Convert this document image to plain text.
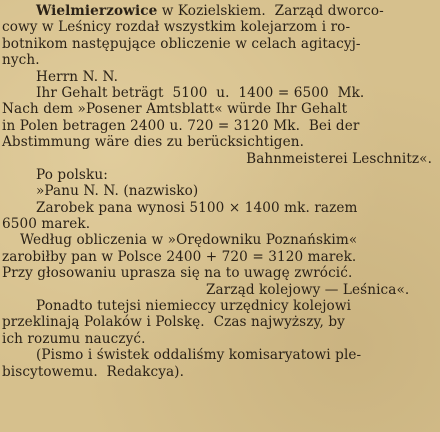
Wielmierzowice w Kozielskiem.  Zarząd dworco-
cowy w Leśnicy rozdał wszystkim kolejarzom i ro-
botnikom następujące obliczenie w celach agitacyj-
nych.
Herrn N. N.
Ihr Gehalt beträgt  5100  u.  1400 = 6500  Mk.
Nach dem »Posener Amtsblatt« würde Ihr Gehalt
in Polen betragen 2400 u. 720 = 3120 Mk.  Bei der
Abstimmung wäre dies zu berücksichtigen.
Bahnmeisterei Leschnitz«.
Po polsku:
»Panu N. N. (nazwisko)
Zarobek pana wynosi 5100 × 1400 mk. razem
6500 marek.
Według obliczenia w »Orędowniku Poznańskim«
zarobiłby pan w Polsce 2400 + 720 = 3120 marek.
Przy głosowaniu uprasza się na to uwagę zwrócić.
Zarząd kolejowy — Leśnica«.
Ponadto tutejsi niemieccy urzędnicy kolejowi
przeklinają Polaków i Polskę.  Czas najwyższy, by
ich rozumu nauczyć.
(Pismo i świstek oddaliśmy komisaryatowi ple-
biscytowemu.  Redakcya).
